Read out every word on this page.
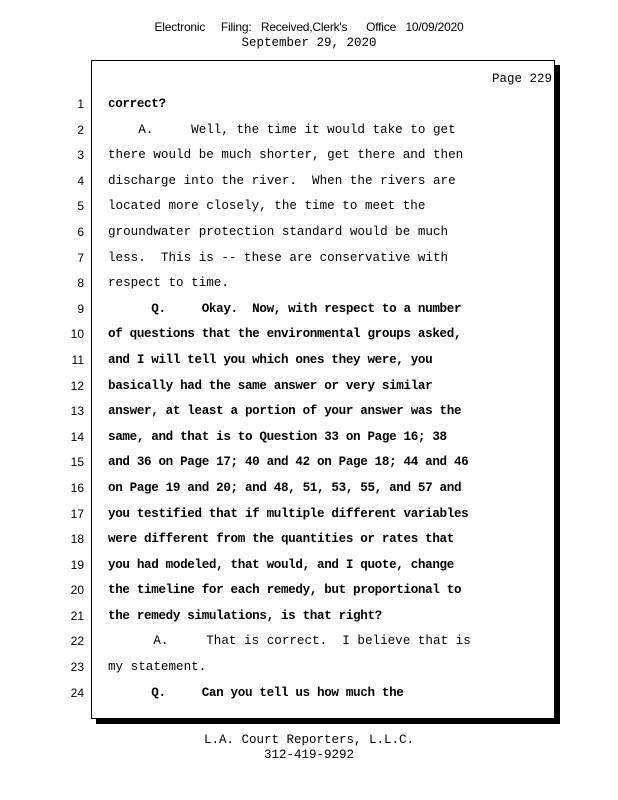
Electronic     Filing:   Received,Clerk's      Office   10/09/2020
September 29, 2020
Page 229
1
2
3
4
5
6
7
8
9
10
11
12
13
14
15
16
17
18
19
20
21
22
23
24
correct?
A.     Well, the time it would take to get
there would be much shorter, get there and then
discharge into the river.  When the rivers are
located more closely, the time to meet the
groundwater protection standard would be much
less.  This is -- these are conservative with
respect to time.
Q.     Okay.  Now, with respect to a number
of questions that the environmental groups asked,
and I will tell you which ones they were, you
basically had the same answer or very similar
answer, at least a portion of your answer was the
same, and that is to Question 33 on Page 16; 38
and 36 on Page 17; 40 and 42 on Page 18; 44 and 46
on Page 19 and 20; and 48, 51, 53, 55, and 57 and
you testified that if multiple different variables
were different from the quantities or rates that
you had modeled, that would, and I quote, change
the timeline for each remedy, but proportional to
the remedy simulations, is that right?
A.     That is correct.  I believe that is
my statement.
Q.     Can you tell us how much the
L.A. Court Reporters, L.L.C.
312-419-9292
